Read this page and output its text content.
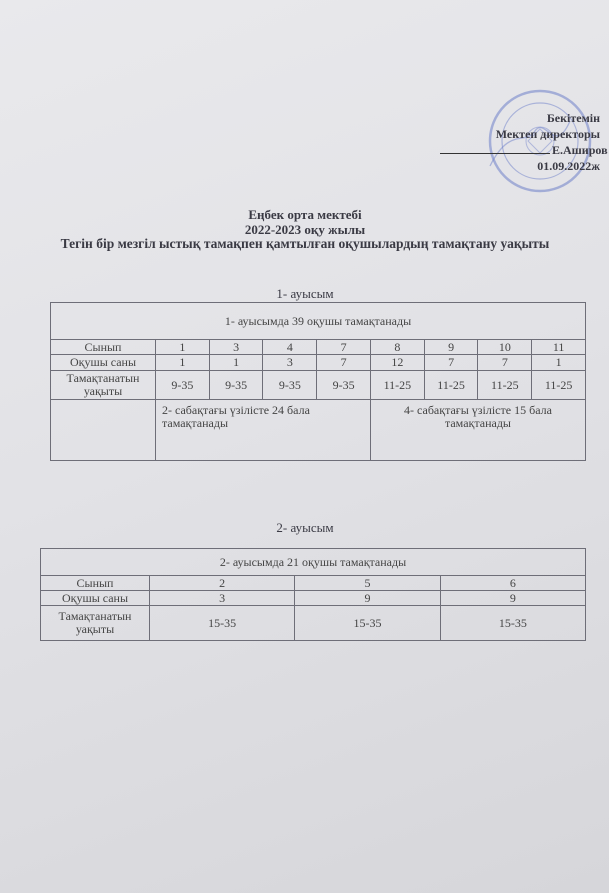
Бекітемін
Мектеп директоры
Е.Аширов
01.09.2022ж
Еңбек орта мектебі
2022-2023 оқу жылы
Тегін бір мезгіл ыстық тамақпен қамтылған оқушылардың тамақтану уақыты
1- ауысым
1- ауысымда 39 оқушы тамақтанады								
Сынып	1	3	4	7	8	9	10	11
Оқушы саны	1	1	3	7	12	7	7	1
Тамақтанатын уақыты	9-35	9-35	9-35	9-35	11-25	11-25	11-25	11-25
	2- сабақтағы үзілісте 24 бала тамақтанады				4- сабақтағы үзілісте 15 бала тамақтанады			
2- ауысым
2- ауысымда 21 оқушы тамақтанады			
Сынып	2	5	6
Оқушы саны	3	9	9
Тамақтанатын уақыты	15-35	15-35	15-35
